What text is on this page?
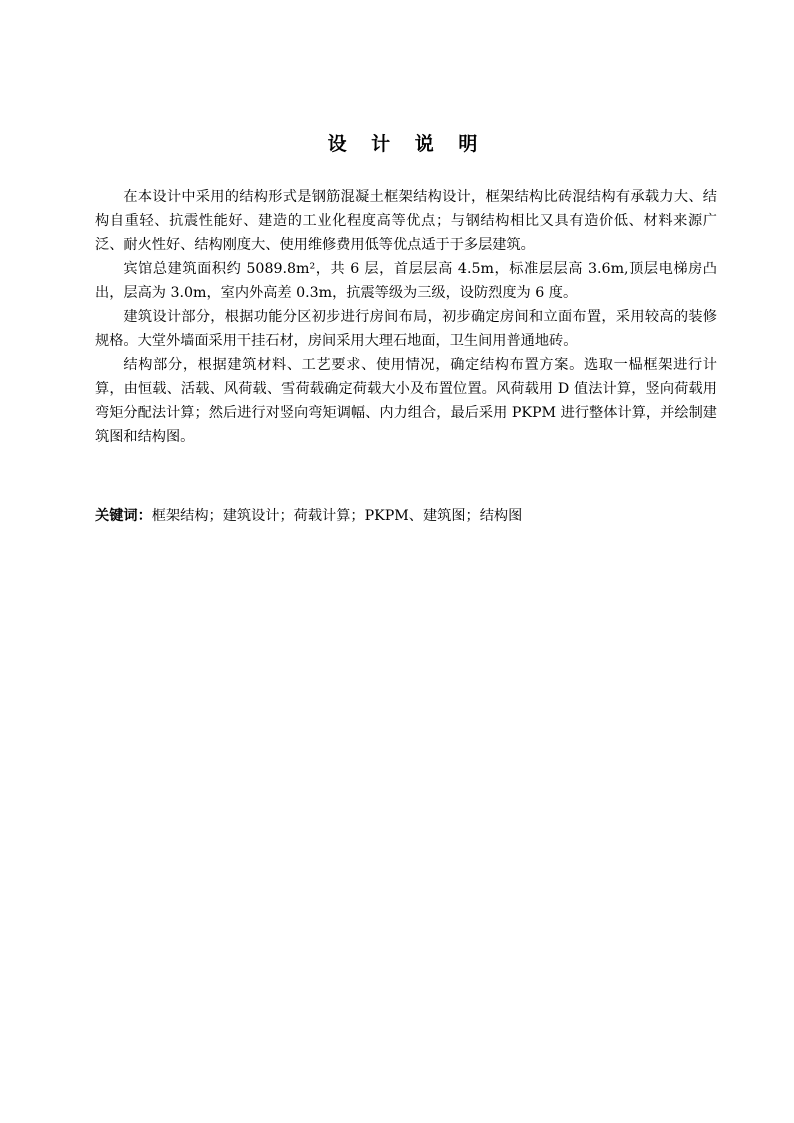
设 计 说 明

在本设计中采用的结构形式是钢筋混凝土框架结构设计，框架结构比砖混结构有承载力大、结构自重轻、抗震性能好、建造的工业化程度高等优点；与钢结构相比又具有造价低、材料来源广泛、耐火性好、结构刚度大、使用维修费用低等优点适于于多层建筑。

宾馆总建筑面积约 5089.8m²，共 6 层，首层层高 4.5m，标准层层高 3.6m,顶层电梯房凸出，层高为 3.0m，室内外高差 0.3m，抗震等级为三级，设防烈度为 6 度。

建筑设计部分，根据功能分区初步进行房间布局，初步确定房间和立面布置，采用较高的装修规格。大堂外墙面采用干挂石材，房间采用大理石地面，卫生间用普通地砖。

结构部分，根据建筑材料、工艺要求、使用情况，确定结构布置方案。选取一榀框架进行计算，由恒载、活载、风荷载、雪荷载确定荷载大小及布置位置。风荷载用 D 值法计算，竖向荷载用弯矩分配法计算；然后进行对竖向弯矩调幅、内力组合，最后采用 PKPM 进行整体计算，并绘制建筑图和结构图。

关键词：框架结构；建筑设计；荷载计算；PKPM、建筑图；结构图
